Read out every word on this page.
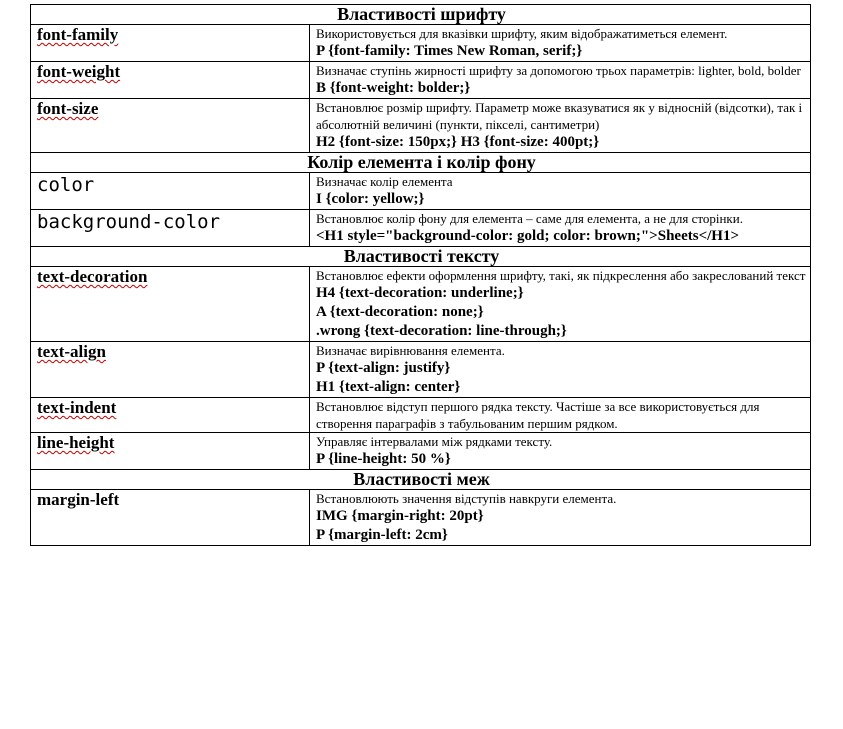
Властивості шрифту	
font-family	Використовується для вказівки шрифту, яким відображатиметься елемент.
P {font-family: Times New Roman, serif;}

font-weight	Визначає ступінь жирності шрифту за допомогою трьох параметрів: lighter, bold, bolder
B {font-weight: bolder;}

font-size	Встановлює розмір шрифту. Параметр може вказуватися як у відносній (відсотки), так і абсолютній величині (пункти, пікселі, сантиметри)
H2 {font-size: 150px;} H3 {font-size: 400pt;}

Колір елемента і колір фону	
color	Визначає колір елемента
I {color: yellow;}

background-color	Встановлює колір фону для елемента – саме для елемента, а не для сторінки.
<H1 style="background-color: gold; color: brown;">Sheets</H1>

Властивості тексту	
text-decoration	Встановлює ефекти оформлення шрифту, такі, як підкреслення або закреслований текст
H4 {text-decoration: underline;}
A {text-decoration: none;}
.wrong {text-decoration: line-through;}

text-align	Визначає вирівнювання елемента.
P {text-align: justify}
H1 {text-align: center}

text-indent	Встановлює відступ першого рядка тексту. Частіше за все використовується для створення параграфів з табульованим першим рядком.

line-height	Управляє інтервалами між рядками тексту.
P {line-height: 50 %}

Властивості меж	
margin-left	Встановлюють значення відступів навкруги елемента.
IMG {margin-right: 20pt}
P {margin-left: 2cm}
